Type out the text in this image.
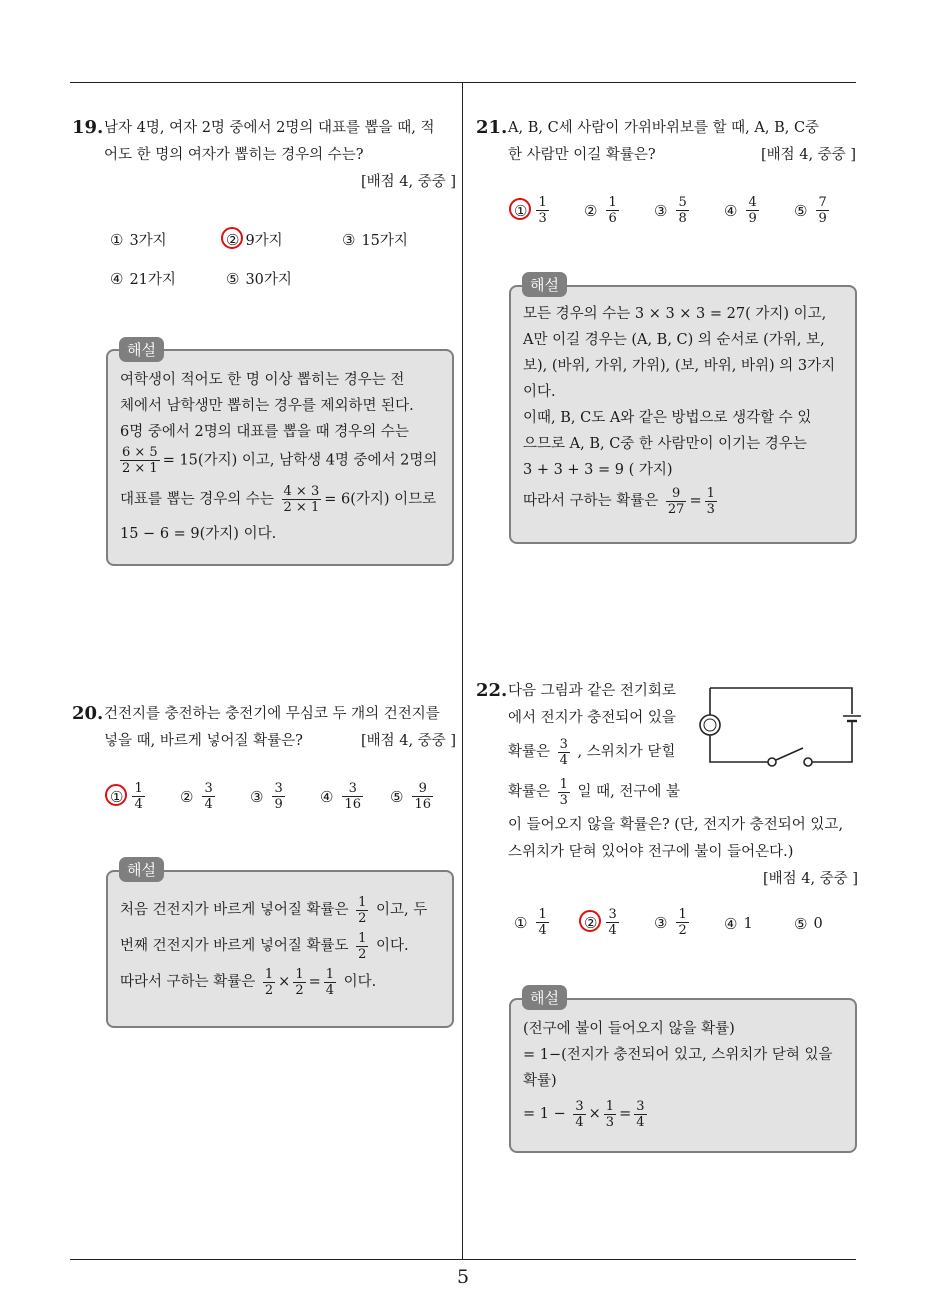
5
19. 남자 4명, 여자 2명 중에서 2명의 대표를 뽑을 때, 적
어도 한 명의 여자가 뽑히는 경우의 수는?
[배점 4, 중중 ]
① 3가지	② 9가지	③ 15가지
④ 21가지	⑤ 30가지
여학생이 적어도 한 명 이상 뽑히는 경우는 전
체에서 남학생만 뽑히는 경우를 제외하면 된다.
6명 중에서 2명의 대표를 뽑을 때 경우의 수는
$\frac{6 \times 5}{2 \times 1} = 15$(가지) 이고, 남학생 4명 중에서 2명의
대표를 뽑는 경우의 수는 $\frac{4 \times 3}{2 \times 1} = 6$(가지) 이므로
15 − 6 = 9(가지) 이다.
해설
20. 건전지를 충전하는 충전기에 무심코 두 개의 건전지를
넣을 때, 바르게 넣어질 확률은?	[배점 4, 중중 ]
① $\frac{1}{4}$ ② $\frac{3}{4}$ ③ $\frac{3}{9}$ ④ $\frac{3}{16}$ ⑤ $\frac{9}{16}$
처음 건전지가 바르게 넣어질 확률은 $\frac{1}{2}$ 이고, 두
번째 건전지가 바르게 넣어질 확률도 $\frac{1}{2}$ 이다.
따라서 구하는 확률은 $\frac{1}{2} \times \frac{1}{2} = \frac{1}{4}$ 이다.
해설
21. A, B, C세 사람이 가위바위보를 할 때, A, B, C중
한 사람만 이길 확률은?	[배점 4, 중중 ]
① $\frac{1}{3}$ ② $\frac{1}{6}$ ③ $\frac{5}{8}$ ④ $\frac{4}{9}$ ⑤ $\frac{7}{9}$
모든 경우의 수는 3 × 3 × 3 = 27( 가지) 이고,
A만 이길 경우는 (A, B, C) 의 순서로 (가위, 보,
보), (바위, 가위, 가위), (보, 바위, 바위) 의 3가지
이다.
이때, B, C도 A와 같은 방법으로 생각할 수 있
으므로 A, B, C중 한 사람만이 이기는 경우는
3 + 3 + 3 = 9 ( 가지)
따라서 구하는 확률은 $\frac{9}{27} = \frac{1}{3}$
해설
22. 다음 그림과 같은 전기회로
에서 전지가 충전되어 있을
확률은 $\frac{3}{4}$ , 스위치가 닫힐
확률은 $\frac{1}{3}$ 일 때, 전구에 불
이 들어오지 않을 확률은? (단, 전지가 충전되어 있고,
스위치가 닫혀 있어야 전구에 불이 들어온다.)
[배점 4, 중중 ]
① $\frac{1}{4}$ ② $\frac{3}{4}$ ③ $\frac{1}{2}$ ④ 1	⑤ 0
(전구에 불이 들어오지 않을 확률)
= 1−(전지가 충전되어 있고, 스위치가 닫혀 있을
확률)
= $1 - \frac{3}{4} \times \frac{1}{3} = \frac{3}{4}$
해설
